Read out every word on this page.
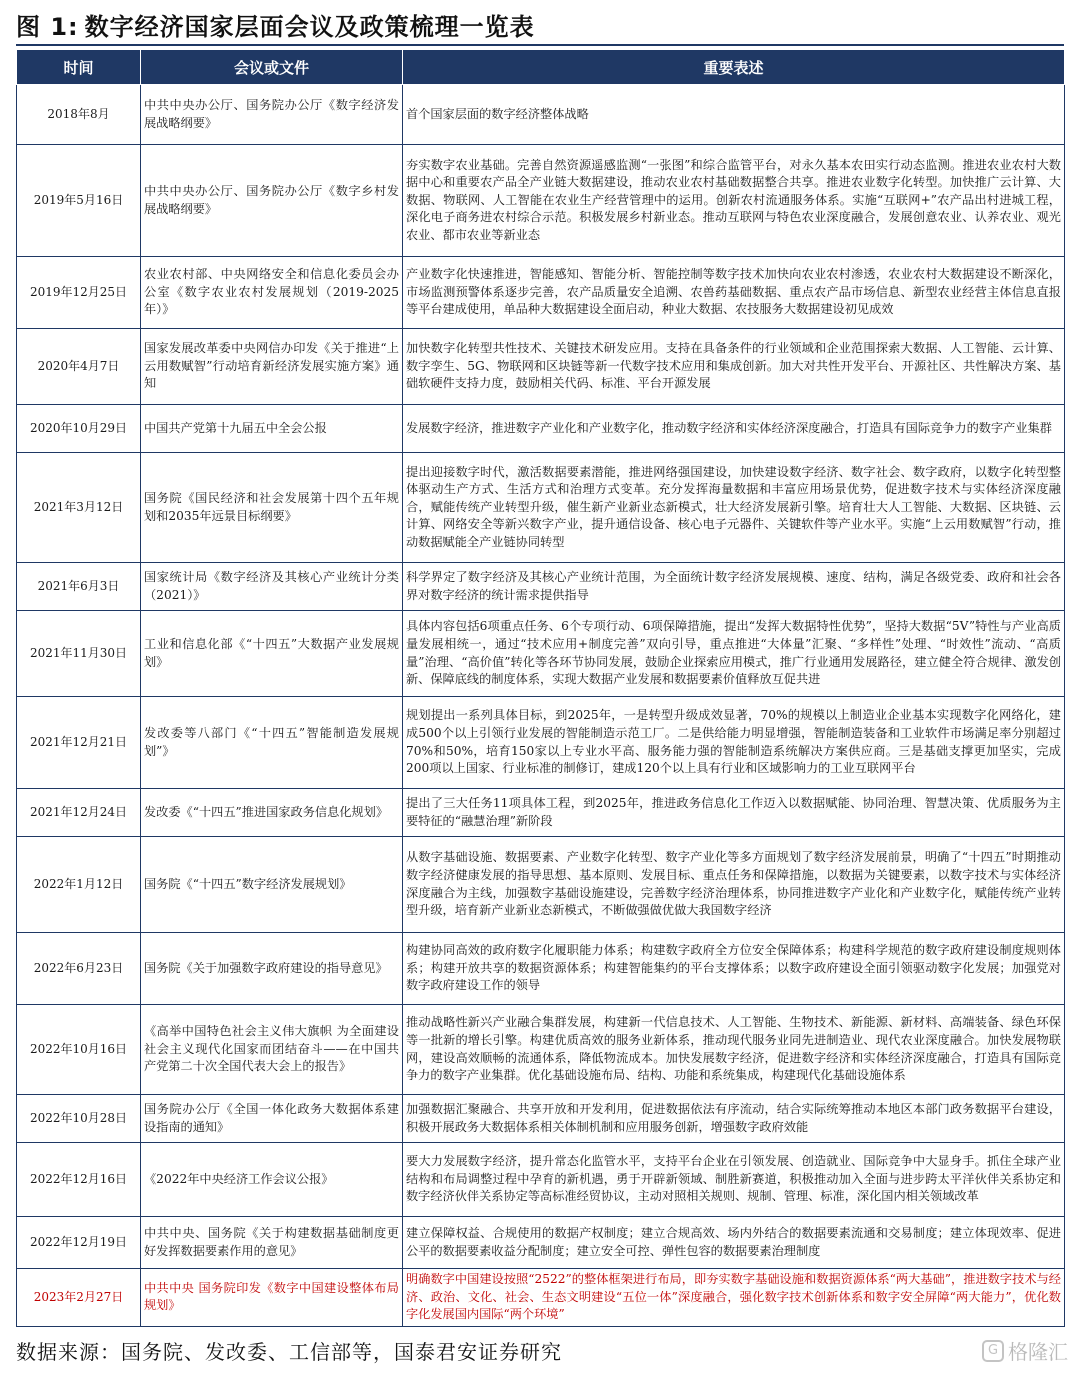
图 1: 数字经济国家层面会议及政策梳理一览表
时间	会议或文件	重要表述
2018年8月	中共中央办公厅、国务院办公厅《数字经济发展战略纲要》	首个国家层面的数字经济整体战略
2019年5月16日	中共中央办公厅、国务院办公厅《数字乡村发展战略纲要》	夯实数字农业基础。完善自然资源遥感监测“一张图”和综合监管平台，对永久基本农田实行动态监测。推进农业农村大数据中心和重要农产品全产业链大数据建设，推动农业农村基础数据整合共享。推进农业数字化转型。加快推广云计算、大数据、物联网、人工智能在农业生产经营管理中的运用。创新农村流通服务体系。实施“互联网+”农产品出村进城工程，深化电子商务进农村综合示范。积极发展乡村新业态。推动互联网与特色农业深度融合，发展创意农业、认养农业、观光农业、都市农业等新业态
2019年12月25日	农业农村部、中央网络安全和信息化委员会办公室《数字农业农村发展规划（2019-2025年）》	产业数字化快速推进，智能感知、智能分析、智能控制等数字技术加快向农业农村渗透，农业农村大数据建设不断深化，市场监测预警体系逐步完善，农产品质量安全追溯、农兽药基础数据、重点农产品市场信息、新型农业经营主体信息直报等平台建成使用，单品种大数据建设全面启动，种业大数据、农技服务大数据建设初见成效
2020年4月7日	国家发展改革委中央网信办印发《关于推进“上云用数赋智”行动培育新经济发展实施方案》通知	加快数字化转型共性技术、关键技术研发应用。支持在具备条件的行业领域和企业范围探索大数据、人工智能、云计算、数字孪生、5G、物联网和区块链等新一代数字技术应用和集成创新。加大对共性开发平台、开源社区、共性解决方案、基础软硬件支持力度，鼓励相关代码、标准、平台开源发展
2020年10月29日	中国共产党第十九届五中全会公报	发展数字经济，推进数字产业化和产业数字化，推动数字经济和实体经济深度融合，打造具有国际竞争力的数字产业集群
2021年3月12日	国务院《国民经济和社会发展第十四个五年规划和2035年远景目标纲要》	提出迎接数字时代，激活数据要素潜能，推进网络强国建设，加快建设数字经济、数字社会、数字政府，以数字化转型整体驱动生产方式、生活方式和治理方式变革。充分发挥海量数据和丰富应用场景优势，促进数字技术与实体经济深度融合，赋能传统产业转型升级，催生新产业新业态新模式，壮大经济发展新引擎。培育壮大人工智能、大数据、区块链、云计算、网络安全等新兴数字产业，提升通信设备、核心电子元器件、关键软件等产业水平。实施“上云用数赋智”行动，推动数据赋能全产业链协同转型
2021年6月3日	国家统计局《数字经济及其核心产业统计分类（2021）》	科学界定了数字经济及其核心产业统计范围，为全面统计数字经济发展规模、速度、结构，满足各级党委、政府和社会各界对数字经济的统计需求提供指导
2021年11月30日	工业和信息化部《“十四五”大数据产业发展规划》	具体内容包括6项重点任务、6个专项行动、6项保障措施，提出“发挥大数据特性优势”，坚持大数据“5V”特性与产业高质量发展相统一，通过“技术应用+制度完善”双向引导，重点推进“大体量”汇聚、“多样性”处理、“时效性”流动、“高质量”治理、“高价值”转化等各环节协同发展，鼓励企业探索应用模式，推广行业通用发展路径，建立健全符合规律、激发创新、保障底线的制度体系，实现大数据产业发展和数据要素价值释放互促共进
2021年12月21日	发改委等八部门《“十四五”智能制造发展规划”》	规划提出一系列具体目标，到2025年，一是转型升级成效显著，70%的规模以上制造业企业基本实现数字化网络化，建成500个以上引领行业发展的智能制造示范工厂。二是供给能力明显增强，智能制造装备和工业软件市场满足率分别超过70%和50%，培育150家以上专业水平高、服务能力强的智能制造系统解决方案供应商。三是基础支撑更加坚实，完成200项以上国家、行业标准的制修订，建成120个以上具有行业和区域影响力的工业互联网平台
2021年12月24日	发改委《“十四五”推进国家政务信息化规划》	提出了三大任务11项具体工程，到2025年，推进政务信息化工作迈入以数据赋能、协同治理、智慧决策、优质服务为主要特征的“融慧治理”新阶段
2022年1月12日	国务院《“十四五”数字经济发展规划》	从数字基础设施、数据要素、产业数字化转型、数字产业化等多方面规划了数字经济发展前景，明确了“十四五”时期推动数字经济健康发展的指导思想、基本原则、发展目标、重点任务和保障措施，以数据为关键要素，以数字技术与实体经济深度融合为主线，加强数字基础设施建设，完善数字经济治理体系，协同推进数字产业化和产业数字化，赋能传统产业转型升级，培育新产业新业态新模式，不断做强做优做大我国数字经济
2022年6月23日	国务院《关于加强数字政府建设的指导意见》	构建协同高效的政府数字化履职能力体系；构建数字政府全方位安全保障体系；构建科学规范的数字政府建设制度规则体系；构建开放共享的数据资源体系；构建智能集约的平台支撑体系；以数字政府建设全面引领驱动数字化发展；加强党对数字政府建设工作的领导
2022年10月16日	《高举中国特色社会主义伟大旗帜 为全面建设社会主义现代化国家而团结奋斗——在中国共产党第二十次全国代表大会上的报告》	推动战略性新兴产业融合集群发展，构建新一代信息技术、人工智能、生物技术、新能源、新材料、高端装备、绿色环保等一批新的增长引擎。构建优质高效的服务业新体系，推动现代服务业同先进制造业、现代农业深度融合。加快发展物联网，建设高效顺畅的流通体系，降低物流成本。加快发展数字经济，促进数字经济和实体经济深度融合，打造具有国际竞争力的数字产业集群。优化基础设施布局、结构、功能和系统集成，构建现代化基础设施体系
2022年10月28日	国务院办公厅《全国一体化政务大数据体系建设指南的通知》	加强数据汇聚融合、共享开放和开发利用，促进数据依法有序流动，结合实际统筹推动本地区本部门政务数据平台建设，积极开展政务大数据体系相关体制机制和应用服务创新，增强数字政府效能
2022年12月16日	《2022年中央经济工作会议公报》	要大力发展数字经济，提升常态化监管水平，支持平台企业在引领发展、创造就业、国际竞争中大显身手。抓住全球产业结构和布局调整过程中孕育的新机遇，勇于开辟新领域、制胜新赛道，积极推动加入全面与进步跨太平洋伙伴关系协定和数字经济伙伴关系协定等高标准经贸协议，主动对照相关规则、规制、管理、标准，深化国内相关领域改革
2022年12月19日	中共中央、国务院《关于构建数据基础制度更好发挥数据要素作用的意见》	建立保障权益、合规使用的数据产权制度；建立合规高效、场内外结合的数据要素流通和交易制度；建立体现效率、促进公平的数据要素收益分配制度；建立安全可控、弹性包容的数据要素治理制度
2023年2月27日	中共中央 国务院印发《数字中国建设整体布局规划》	明确数字中国建设按照“2522”的整体框架进行布局，即夯实数字基础设施和数据资源体系“两大基础”，推进数字技术与经济、政治、文化、社会、生态文明建设“五位一体”深度融合，强化数字技术创新体系和数字安全屏障“两大能力”，优化数字化发展国内国际“两个环境”
数据来源：国务院、发改委、工信部等，国泰君安证券研究	G 格隆汇
